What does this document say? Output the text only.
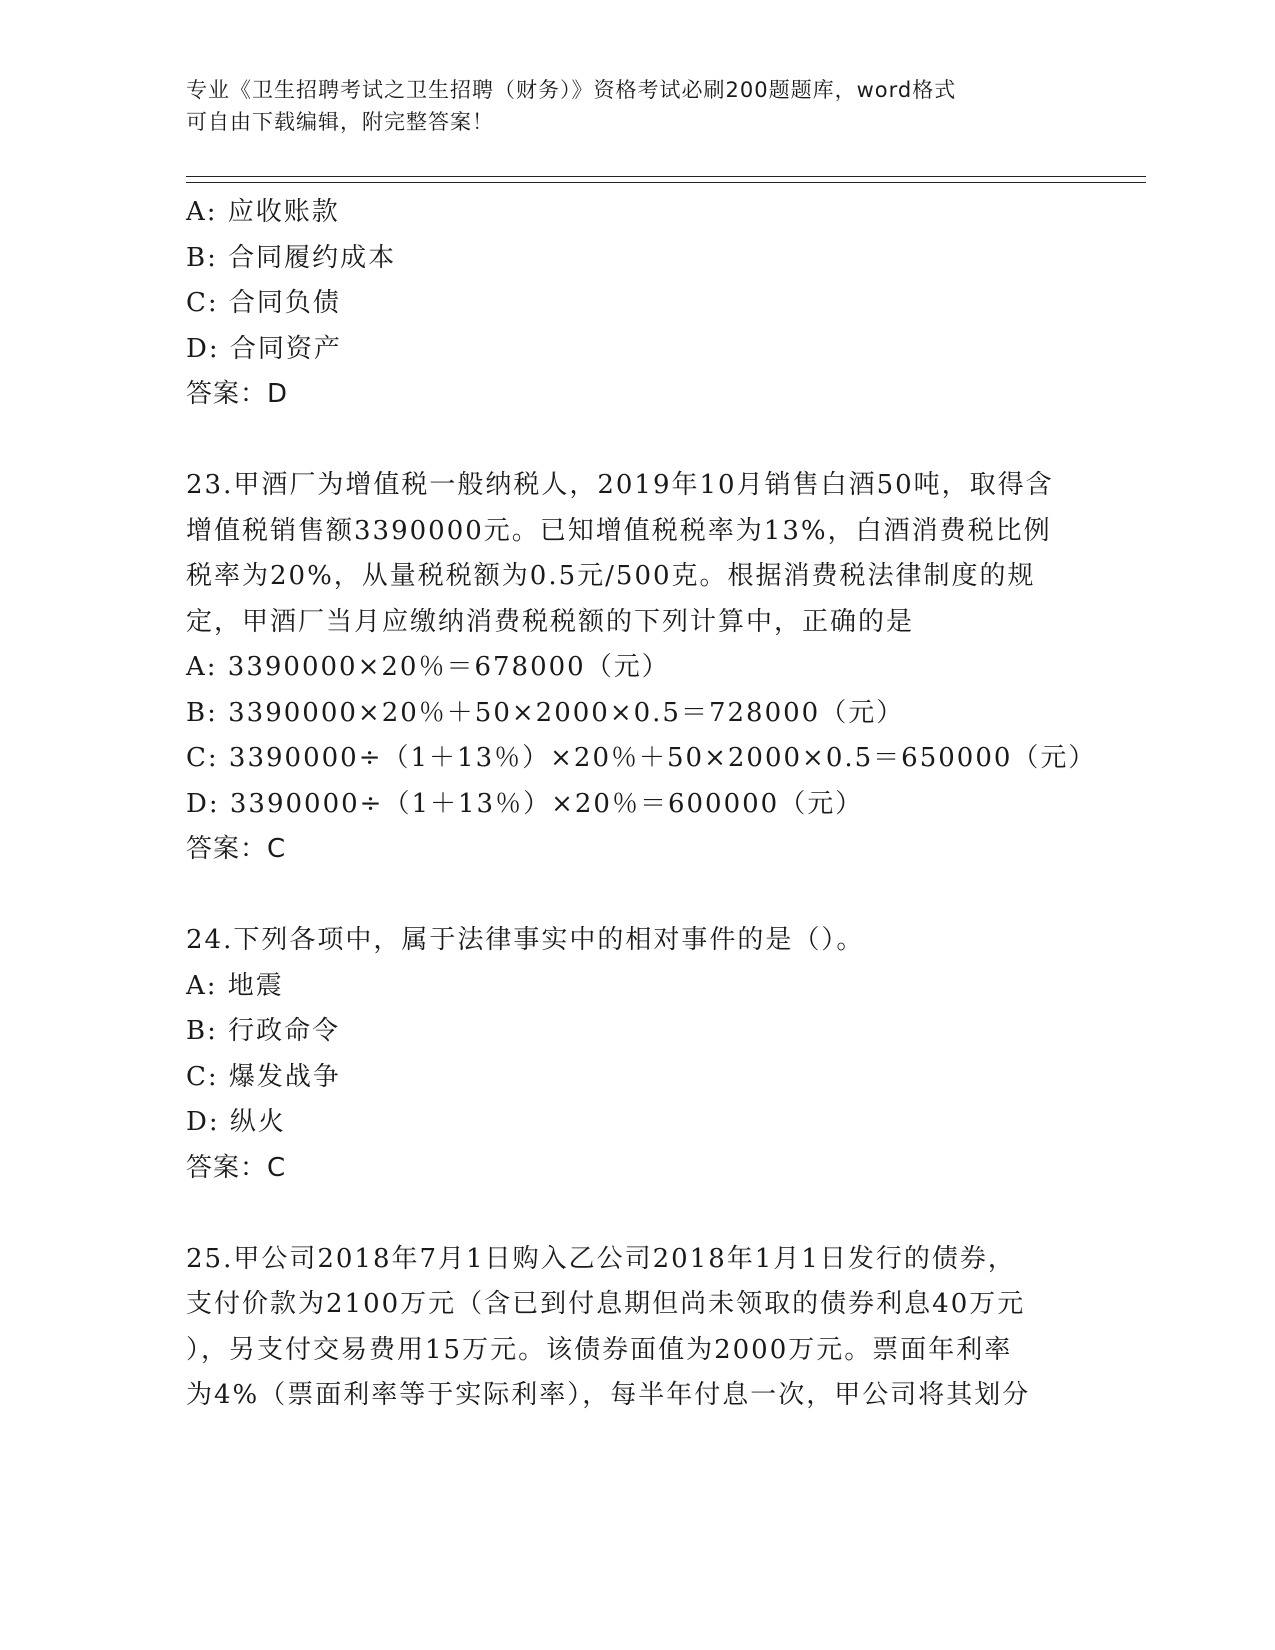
专业《卫生招聘考试之卫生招聘（财务）》资格考试必刷200题题库，word格式
可自由下载编辑，附完整答案！
A: 应收账款
B: 合同履约成本
C: 合同负债
D: 合同资产
答案：D
23.甲酒厂为增值税一般纳税人，2019年10月销售白酒50吨，取得含
增值税销售额3390000元。已知增值税税率为13%，白酒消费税比例
税率为20%，从量税税额为0.5元/500克。根据消费税法律制度的规
定，甲酒厂当月应缴纳消费税税额的下列计算中，正确的是
A: 3390000×20％＝678000（元）
B: 3390000×20％＋50×2000×0.5＝728000（元）
C: 3390000÷（1＋13％）×20％＋50×2000×0.5＝650000（元）
D: 3390000÷（1＋13％）×20％＝600000（元）
答案：C
24.下列各项中，属于法律事实中的相对事件的是（）。
A: 地震
B: 行政命令
C: 爆发战争
D: 纵火
答案：C
25.甲公司2018年7月1日购入乙公司2018年1月1日发行的债券，
支付价款为2100万元（含已到付息期但尚未领取的债券利息40万元
），另支付交易费用15万元。该债券面值为2000万元。票面年利率
为4%（票面利率等于实际利率），每半年付息一次，甲公司将其划分
